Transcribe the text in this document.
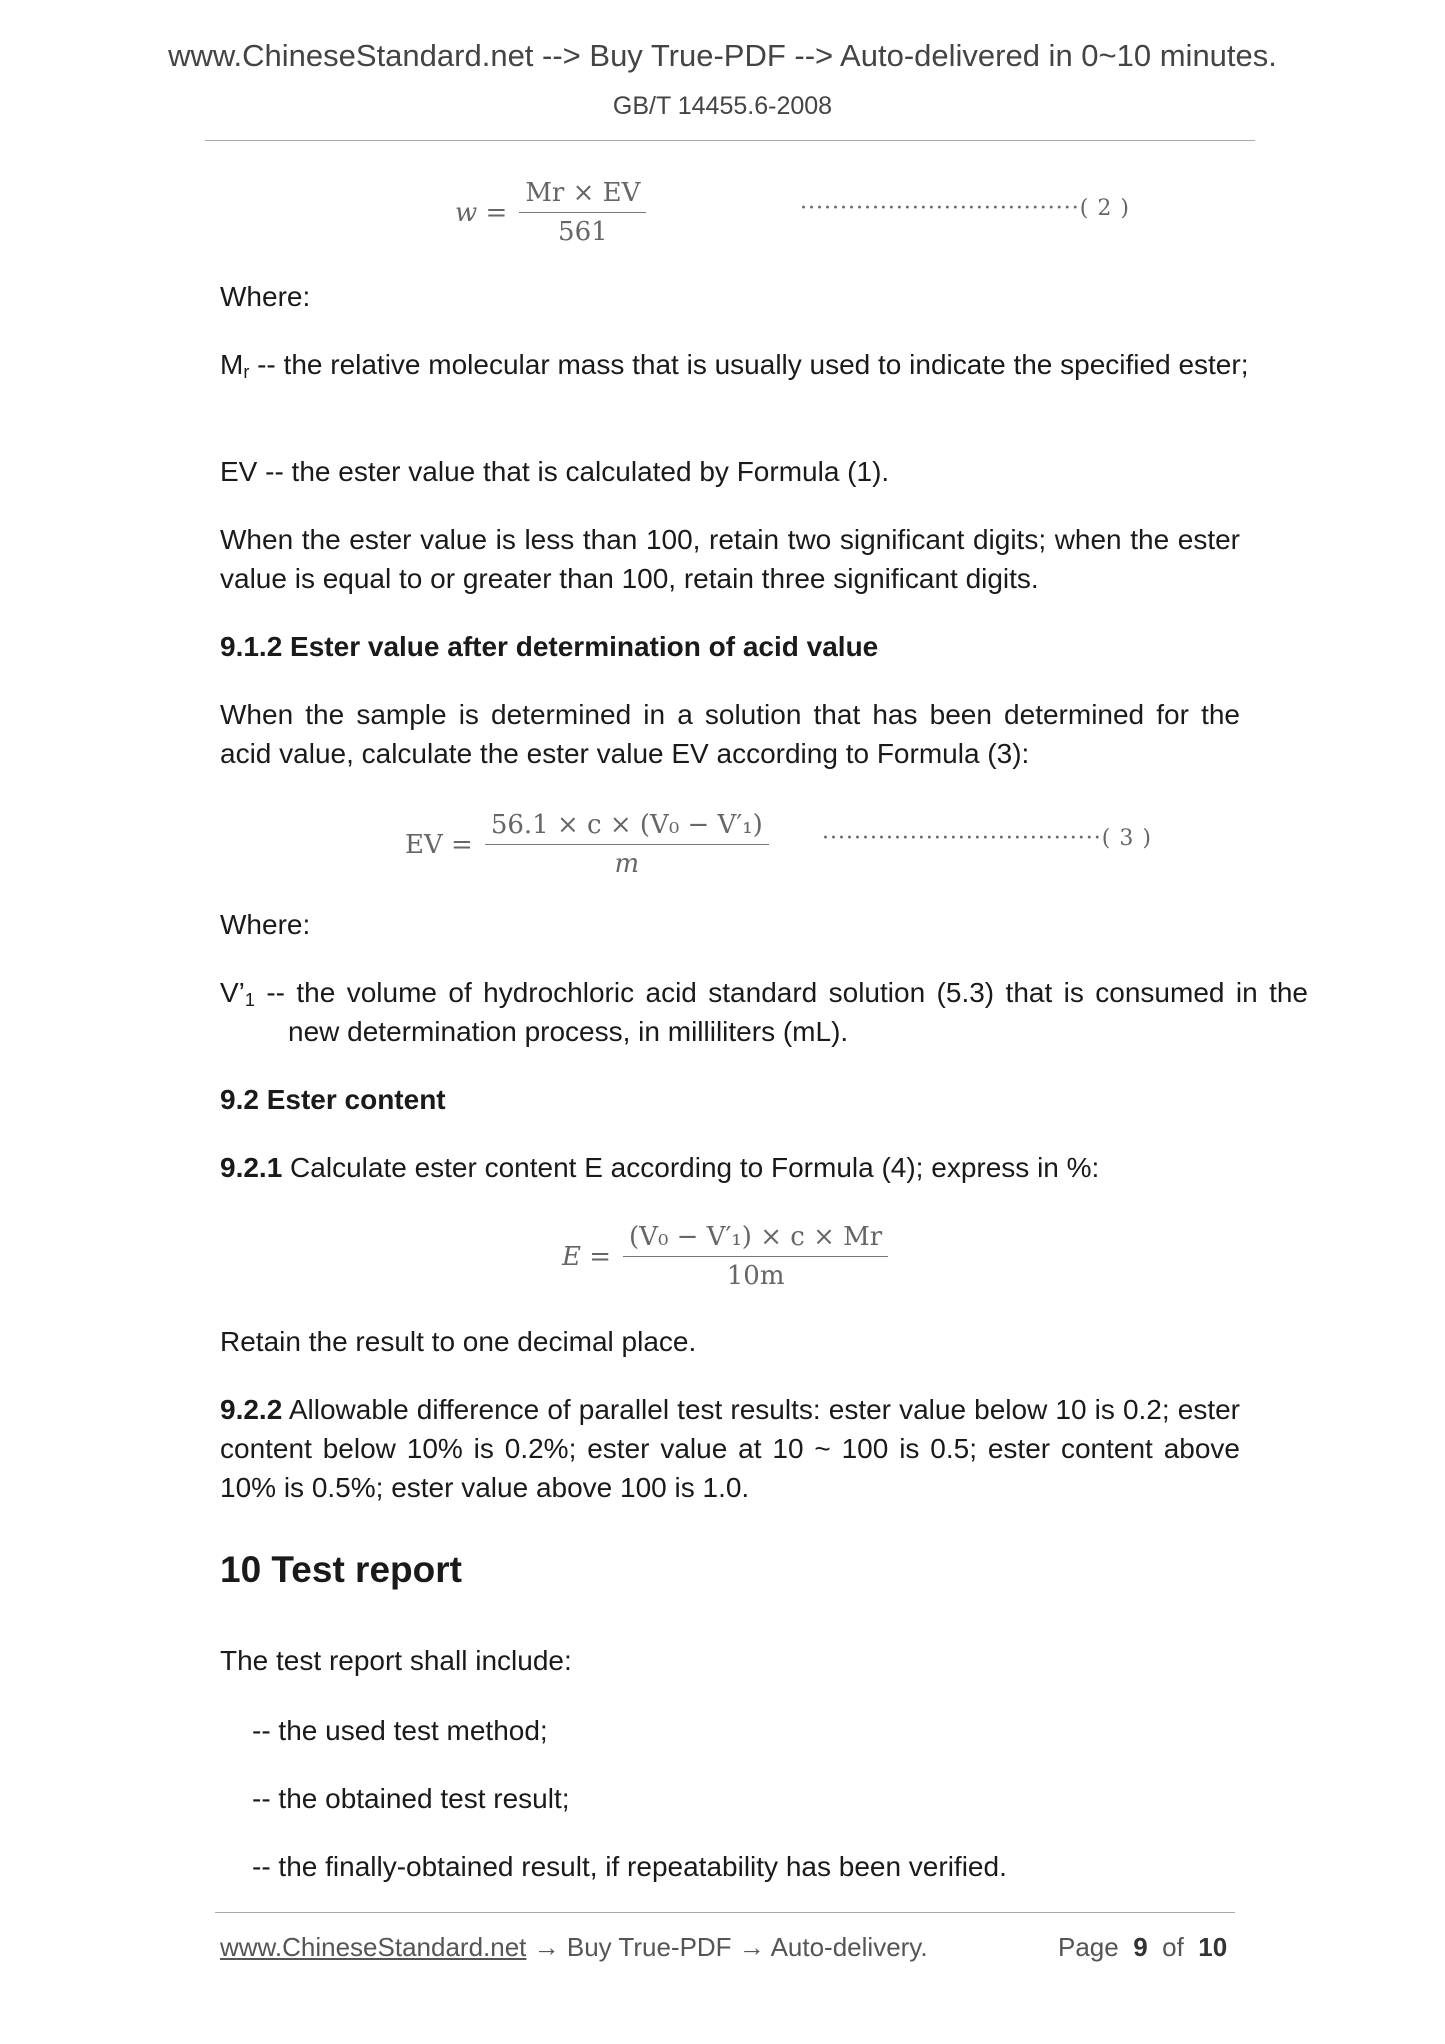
www.ChineseStandard.net --> Buy True-PDF --> Auto-delivered in 0~10 minutes.
GB/T 14455.6-2008
$w = \frac{Mr \times EV}{561}$	···································( 2 )

Where:

$M_r$ -- the relative molecular mass that is usually used to indicate the specified ester;

EV -- the ester value that is calculated by Formula (1).

When the ester value is less than 100, retain two significant digits; when the ester value is equal to or greater than 100, retain three significant digits.

9.1.2 Ester value after determination of acid value

When the sample is determined in a solution that has been determined for the acid value, calculate the ester value EV according to Formula (3):

EV = $\frac{\text{56.1 × c × (V₀ − V′₁)}}{m}$ ···································( 3 )

Where:

$V’_1$ -- the volume of hydrochloric acid standard solution (5.3) that is consumed in the new determination process, in milliliters (mL).

9.2 Ester content

9.2.1 Calculate ester content E according to Formula (4); express in %:

$E = \frac{\text{(V₀ − V′₁) × c × Mr}}{10m}$

Retain the result to one decimal place.

9.2.2 Allowable difference of parallel test results: ester value below 10 is 0.2; ester content below 10% is 0.2%; ester value at 10 ~ 100 is 0.5; ester content above 10% is 0.5%; ester value above 100 is 1.0.

10 Test report

The test report shall include:

-- the used test method;
-- the obtained test result;
-- the finally-obtained result, if repeatability has been verified.
www.ChineseStandard.net → Buy True-PDF → Auto-delivery.	Page 9 of 10
